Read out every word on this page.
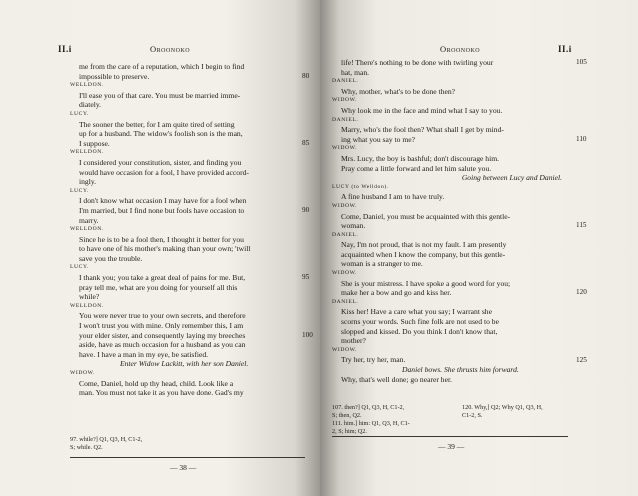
II.i	Oroonoko
me from the care of a reputation, which I begin to find
impossible to preserve.	80
WELLDON.
I'll ease you of that care. You must be married imme-
diately.
LUCY.
The sooner the better, for I am quite tired of setting
up for a husband. The widow's foolish son is the man,
I suppose.	85
WELLDON.
I considered your constitution, sister, and finding you
would have occasion for a fool, I have provided accord-
ingly.
LUCY.
I don't know what occasion I may have for a fool when
I'm married, but I find none but fools have occasion to	90
marry.
WELLDON.
Since he is to be a fool then, I thought it better for you
to have one of his mother's making than your own; 'twill
save you the trouble.
LUCY.
I thank you; you take a great deal of pains for me. But,	95
pray tell me, what are you doing for yourself all this
while?
WELLDON.
You were never true to your own secrets, and therefore
I won't trust you with mine. Only remember this, I am
your elder sister, and consequently laying my breeches	100
aside, have as much occasion for a husband as you can
have. I have a man in my eye, be satisfied.
Enter Widow Lackitt, with her son Daniel.
WIDOW.
Come, Daniel, hold up thy head, child. Look like a
man. You must not take it as you have done. Gad's my
97. while?] Q1, Q3, H, C1-2,
S; while. Q2.
— 38 —
Oroonoko	II.i
life! There's nothing to be done with twirling your	105
hat, man.
DANIEL.
Why, mother, what's to be done then?
WIDOW.
Why look me in the face and mind what I say to you.
DANIEL.
Marry, who's the fool then? What shall I get by mind-
ing what you say to me?	110
WIDOW.
Mrs. Lucy, the boy is bashful; don't discourage him.
Pray come a little forward and let him salute you.
Going between Lucy and Daniel.
LUCY (to Welldon).
A fine husband I am to have truly.
WIDOW.
Come, Daniel, you must be acquainted with this gentle-
woman.	115
DANIEL.
Nay, I'm not proud, that is not my fault. I am presently
acquainted when I know the company, but this gentle-
woman is a stranger to me.
WIDOW.
She is your mistress. I have spoke a good word for you;
make her a bow and go and kiss her.	120
DANIEL.
Kiss her! Have a care what you say; I warrant she
scorns your words. Such fine folk are not used to be
slopped and kissed. Do you think I don't know that,
mother?
WIDOW.
Try her, try her, man.	125
Daniel bows. She thrusts him forward.
Why, that's well done; go nearer her.
107. then?] Q1, Q3, H, C1-2,
S; then, Q2.
111. him.] him: Q1, Q3, H, C1-
2, S; him; Q2.
120. Why,] Q2; Why Q1, Q3, H,
C1-2, S.
— 39 —
